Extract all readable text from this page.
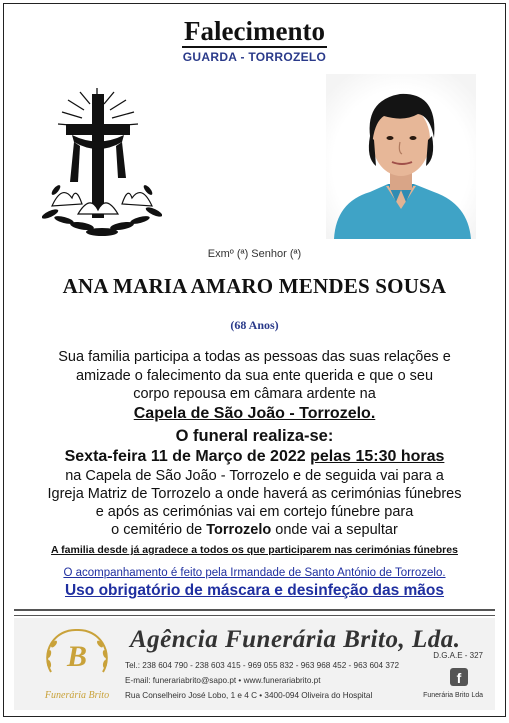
Falecimento
GUARDA - TORROZELO
Exmº (ª) Senhor (ª)
ANA MARIA AMARO MENDES SOUSA
(68 Anos)
Sua familia participa a todas as pessoas das suas relações e
amizade o falecimento da sua ente querida e que o seu
corpo repousa em câmara ardente na
Capela de São João - Torrozelo.
O funeral realiza-se:
Sexta-feira 11 de Março de 2022 pelas 15:30 horas
na Capela de São João - Torrozelo e de seguida vai para a
Igreja Matriz de Torrozelo a onde haverá as cerimónias fúnebres
e após as cerimónias vai em cortejo fúnebre para
o cemitério de Torrozelo onde vai a sepultar
A familia desde já agradece a todos os que participarem nas cerimónias fúnebres
O acompanhamento é feito pela Irmandade de Santo António de Torrozelo.
Uso obrigatório de máscara e desinfeção das mãos
B
Funerária Brito
Agência Funerária Brito, Lda.
D.G.A.E - 327
Tel.: 238 604 790 - 238 603 415 - 969 055 832 - 963 968 452 - 963 604 372
E-mail: funerariabrito@sapo.pt • www.funerariabrito.pt
Rua Conselheiro José Lobo, 1 e 4 C • 3400-094 Oliveira do Hospital
f
Funerária Brito Lda
